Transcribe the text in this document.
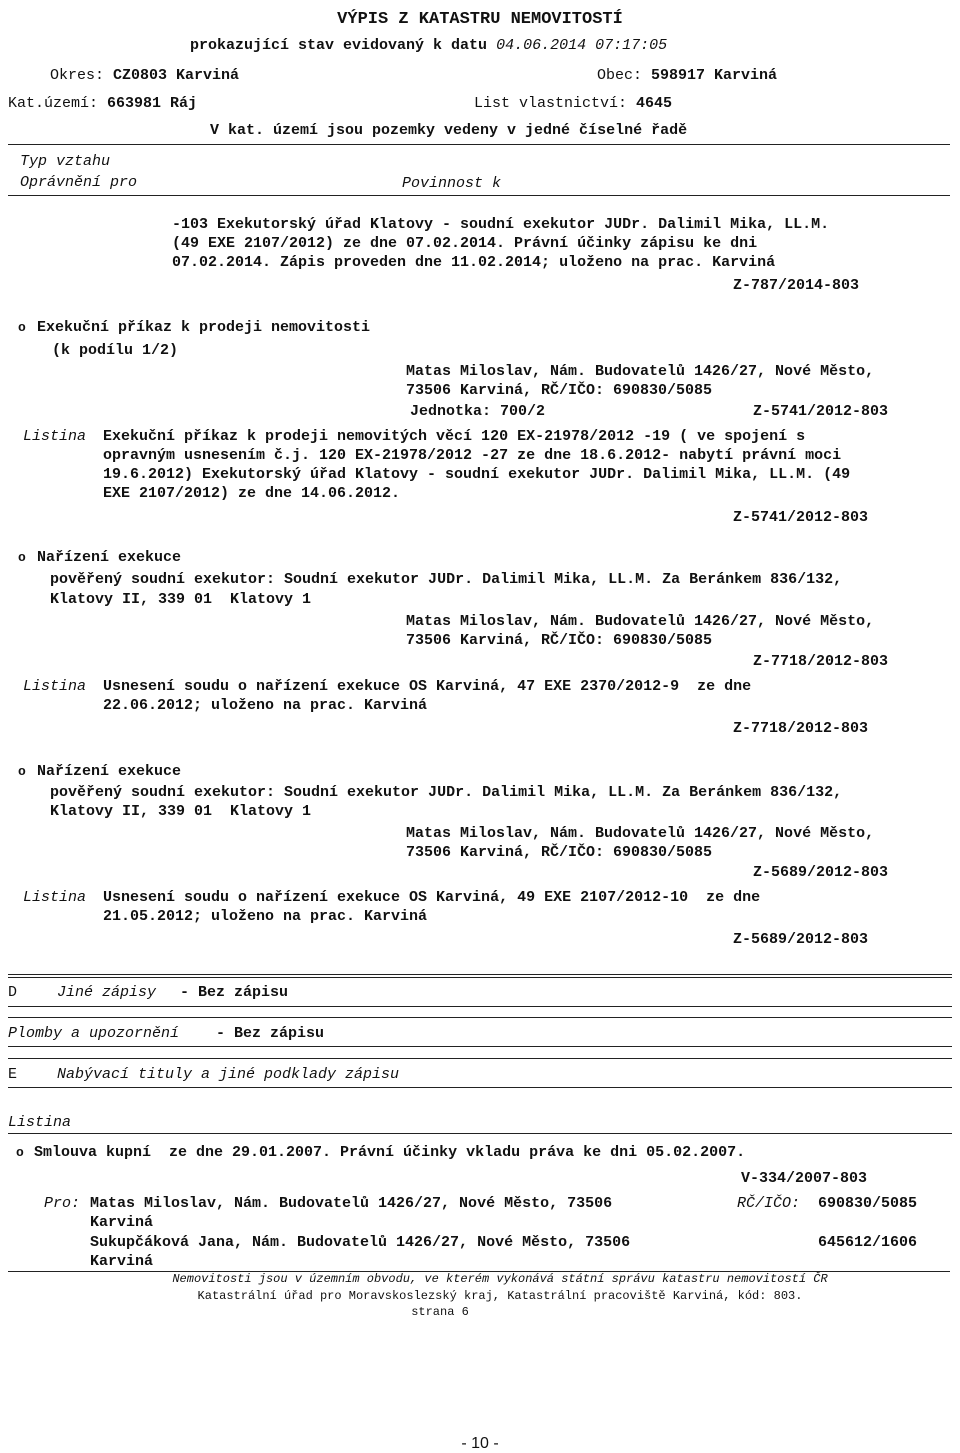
VÝPIS Z KATASTRU NEMOVITOSTÍ
prokazující stav evidovaný k datu 04.06.2014 07:17:05
Okres: CZ0803 Karviná	Obec: 598917 Karviná
Kat.území: 663981 Ráj	List vlastnictví: 4645
V kat. území jsou pozemky vedeny v jedné číselné řadě
Typ vztahu
Oprávnění pro	Povinnost k
-103 Exekutorský úřad Klatovy - soudní exekutor JUDr. Dalimil Mika, LL.M.
(49 EXE 2107/2012) ze dne 07.02.2014. Právní účinky zápisu ke dni
07.02.2014. Zápis proveden dne 11.02.2014; uloženo na prac. Karviná
Z-787/2014-803
o Exekuční příkaz k prodeji nemovitosti
(k podílu 1/2)
Matas Miloslav, Nám. Budovatelů 1426/27, Nové Město,
73506 Karviná, RČ/IČO: 690830/5085
Jednotka: 700/2	Z-5741/2012-803
Listina Exekuční příkaz k prodeji nemovitých věcí 120 EX-21978/2012 -19 ( ve spojení s
opravným usnesením č.j. 120 EX-21978/2012 -27 ze dne 18.6.2012- nabytí právní moci
19.6.2012) Exekutorský úřad Klatovy - soudní exekutor JUDr. Dalimil Mika, LL.M. (49
EXE 2107/2012) ze dne 14.06.2012.
Z-5741/2012-803
o Nařízení exekuce
pověřený soudní exekutor: Soudní exekutor JUDr. Dalimil Mika, LL.M. Za Beránkem 836/132,
Klatovy II, 339 01  Klatovy 1
Matas Miloslav, Nám. Budovatelů 1426/27, Nové Město,
73506 Karviná, RČ/IČO: 690830/5085
Z-7718/2012-803
Listina Usnesení soudu o nařízení exekuce OS Karviná, 47 EXE 2370/2012-9  ze dne
22.06.2012; uloženo na prac. Karviná
Z-7718/2012-803
o Nařízení exekuce
pověřený soudní exekutor: Soudní exekutor JUDr. Dalimil Mika, LL.M. Za Beránkem 836/132,
Klatovy II, 339 01  Klatovy 1
Matas Miloslav, Nám. Budovatelů 1426/27, Nové Město,
73506 Karviná, RČ/IČO: 690830/5085
Z-5689/2012-803
Listina Usnesení soudu o nařízení exekuce OS Karviná, 49 EXE 2107/2012-10  ze dne
21.05.2012; uloženo na prac. Karviná
Z-5689/2012-803
D	Jiné zápisy - Bez zápisu
Plomby a upozornění - Bez zápisu
E	Nabývací tituly a jiné podklady zápisu
Listina
o Smlouva kupní  ze dne 29.01.2007. Právní účinky vkladu práva ke dni 05.02.2007.
V-334/2007-803
Pro: Matas Miloslav, Nám. Budovatelů 1426/27, Nové Město, 73506	RČ/IČO: 690830/5085
Karviná
Sukupčáková Jana, Nám. Budovatelů 1426/27, Nové Město, 73506	645612/1606
Karviná
Nemovitosti jsou v územním obvodu, ve kterém vykonává státní správu katastru nemovitostí ČR
Katastrální úřad pro Moravskoslezský kraj, Katastrální pracoviště Karviná, kód: 803.
strana 6
- 10 -
